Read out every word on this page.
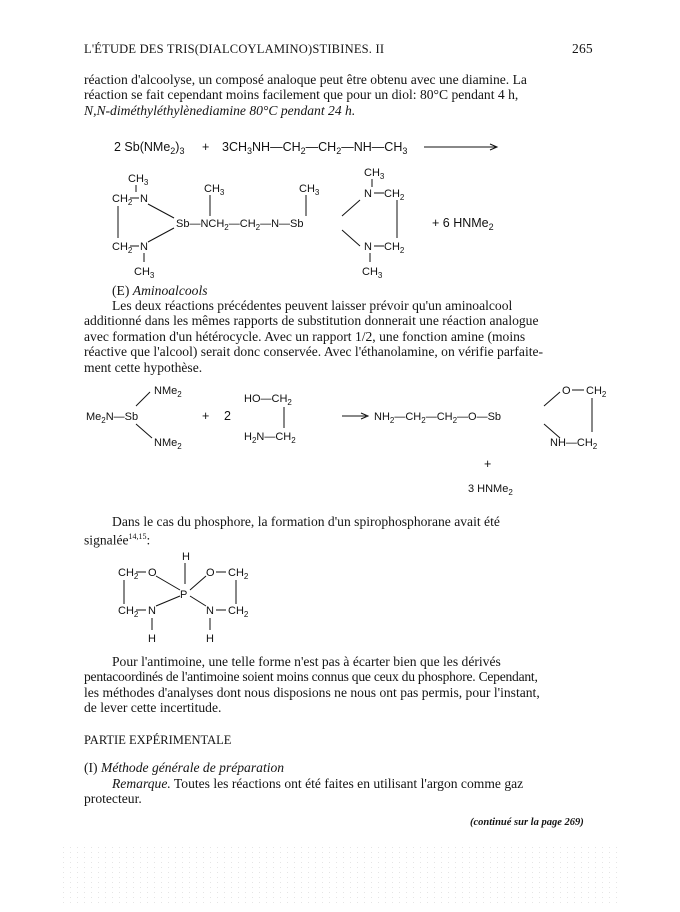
L'ÉTUDE DES TRIS(DIALCOYLAMINO)STIBINES. II	265
réaction d'alcoolyse, un composé analoque peut être obtenu avec une diamine. La
réaction se fait cependant moins facilement que pour un diol: 80°C pendant 4 h,
N,N-diméthyléthylènediamine 80°C pendant 24 h.
2 $Sb(NMe_2)_3$ + $3CH_3NH—CH_2—CH_2—NH—CH_3$
$CH_3$
$CH_2$ N
$CH_2$ N
$CH_3$
$Sb—NCH_2—CH_2—N—Sb$
$CH_3$	$CH_3$
$CH_3$
N $CH_2$
N $CH_2$
$CH_3$
+ 6 HNMe$_2$
(E) Aminoalcools
Les deux réactions précédentes peuvent laisser prévoir qu'un aminoalcool
additionné dans les mêmes rapports de substitution donnerait une réaction analogue
avec formation d'un hétérocycle. Avec un rapport 1/2, une fonction amine (moins
réactive que l'alcool) serait donc conservée. Avec l'éthanolamine, on vérifie parfaite-
ment cette hypothèse.
NMe$_2$
$Me_2N—Sb$
NMe$_2$
+ 2
$HO—CH_2$
$H_2N—CH_2$
$NH_2—CH_2—CH_2—O—Sb$
O $CH_2$
$NH—CH_2$
+
3 HNMe$_2$
Dans le cas du phosphore, la formation d'un spirophosphorane avait été
signalée$^{14,15}$:
H
$CH_2$ O
P
O $CH_2$
$CH_2$ N	N $CH_2$
H	H
Pour l'antimoine, une telle forme n'est pas à écarter bien que les dérivés
pentacoordinés de l'antimoine soient moins connus que ceux du phosphore. Cependant,
les méthodes d'analyses dont nous disposions ne nous ont pas permis, pour l'instant,
de lever cette incertitude.
PARTIE EXPÉRIMENTALE
(I) Méthode générale de préparation
Remarque. Toutes les réactions ont été faites en utilisant l'argon comme gaz
protecteur.
(continué sur la page 269)
